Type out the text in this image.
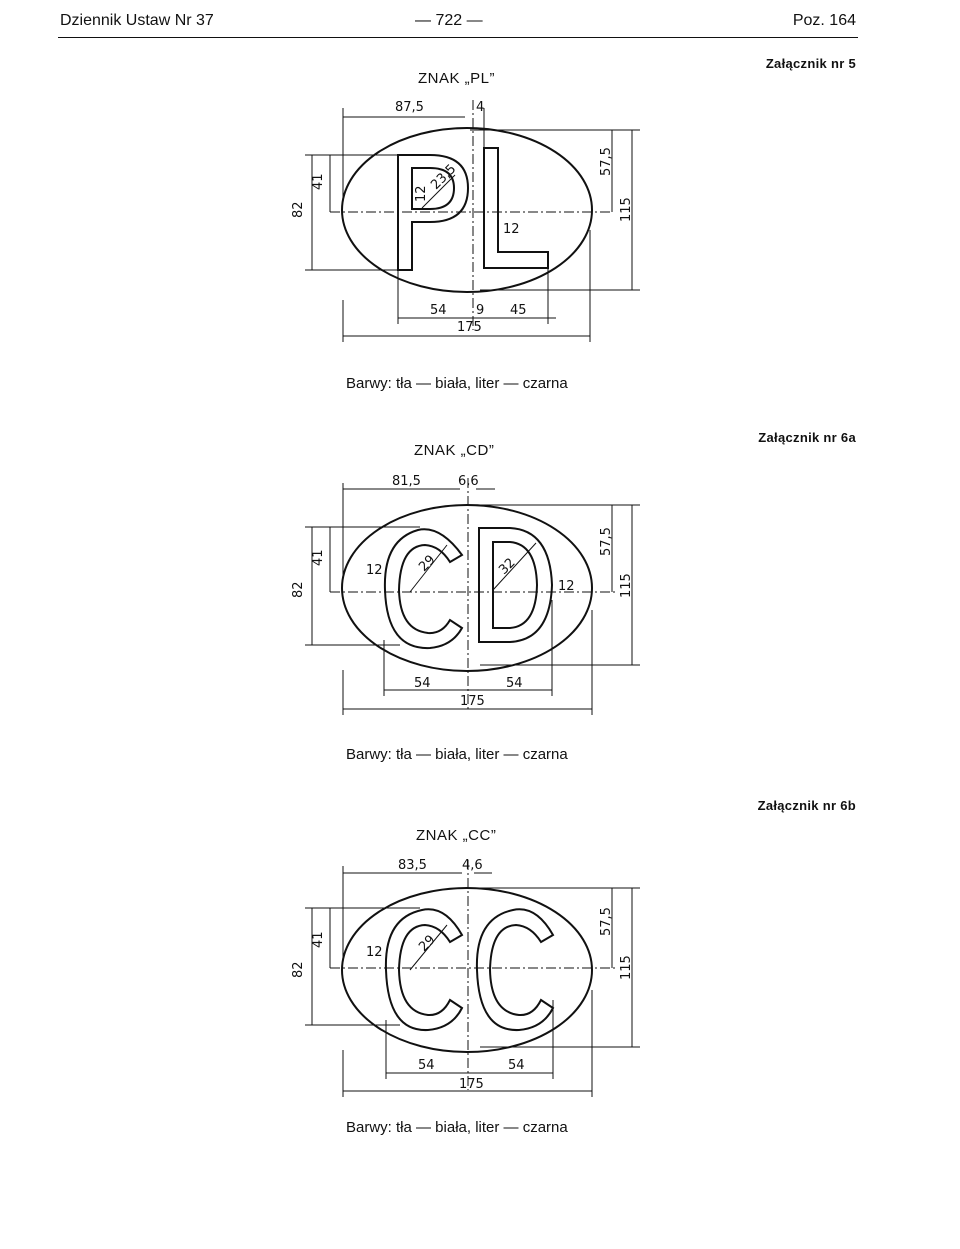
Dziennik Ustaw Nr 37	— 722 —	Poz. 164
Załącznik nr 5
ZNAK „PL”
87,5	4
82
41
57,5
115
23,5
12
12
54 9 45
175
Barwy: tła — biała, liter — czarna
Załącznik nr 6a
ZNAK „CD”
81,5	6,6
82
41
57,5
115
12	29	32
12
54	54
175
Barwy: tła — biała, liter — czarna
Załącznik nr 6b
ZNAK „CC”
83,5	4,6
82
41
57,5
115
12	29
54	54
175
Barwy: tła — biała, liter — czarna
